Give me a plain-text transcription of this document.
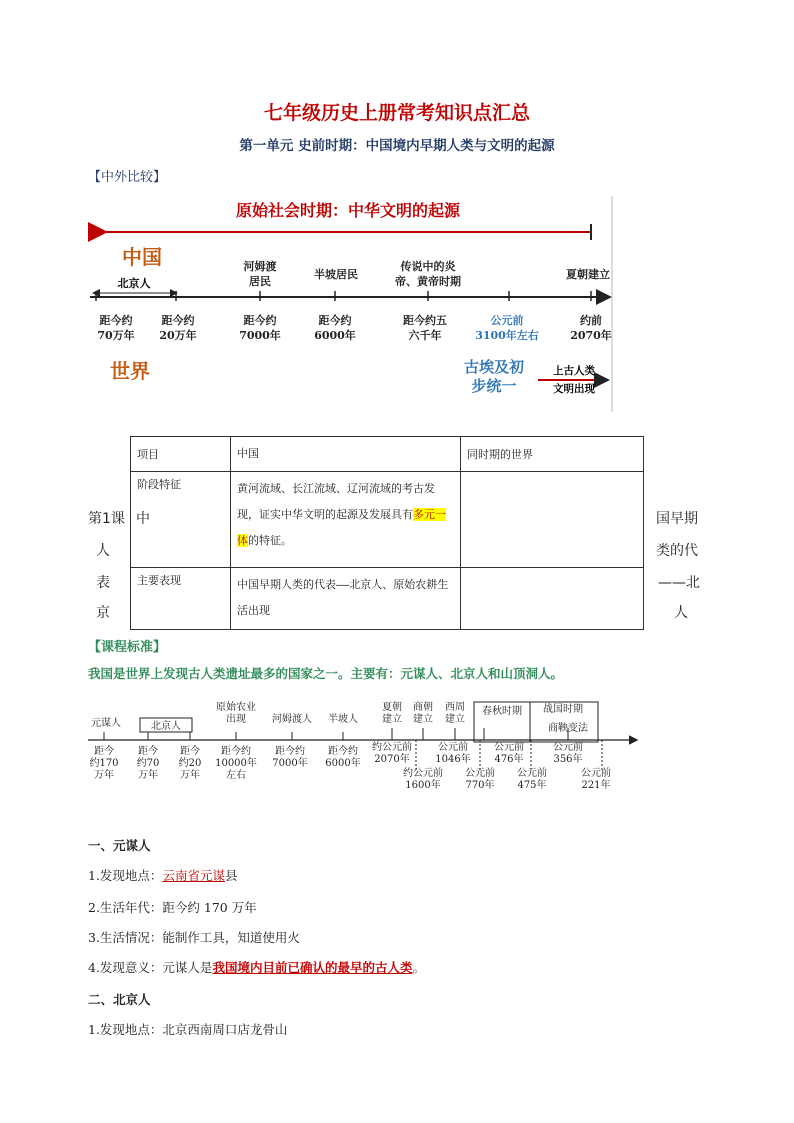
七年级历史上册常考知识点汇总
第一单元 史前时期：中国境内早期人类与文明的起源
【中外比较】
原始社会时期：中华文明的起源
中国
世界
北京人
河姆渡
居民
半坡居民
传说中的炎
帝、黄帝时期
夏朝建立
距今约
70万年
距今约
20万年
距今约
7000年
距今约
6000年
距今约五
六千年
公元前
3100年左右
约前
2070年
古埃及初
步统一
上古人类
文明出现
项目	中国	同时期的世界
阶段特征	黄河流域、长江流域、辽河流域的考古发现，证实中华文明的起源及发展具有多元一体的特征。	
主要表现	中国早期人类的代表——北京人、原始农耕生活出现	
第1课 中
人
表
京
国早期
类的代
——北
人
【课程标准】
我国是世界上发现古人类遗址最多的国家之一。主要有：元谋人、北京人和山顶洞人。
元谋人	北京人
原始农业
出现	河姆渡人 半坡人
夏朝
建立
商朝
建立
西周
建立
春秋时期 战国时期
商鞅变法
距今
约170
万年
距今
约70
万年
距今
约20
万年
距今约
10000年
左右
距今约
7000年
距今约
6000年
约公元前
2070年
公元前
1046年
公元前
476年
公元前
356年
约公元前
1600年
公元前
770年
公元前
475年
公元前
221年
一、元谋人
1.发现地点：云南省元谋县
2.生活年代：距今约 170 万年
3.生活情况：能制作工具，知道使用火
4.发现意义：元谋人是我国境内目前已确认的最早的古人类。
二、北京人
1.发现地点：北京西南周口店龙骨山
